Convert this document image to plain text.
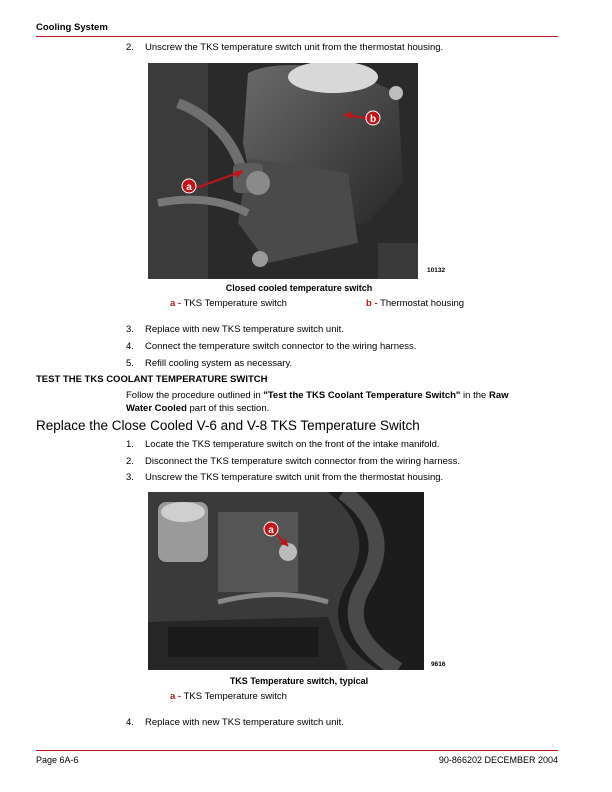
Cooling System
2. Unscrew the TKS temperature switch unit from the thermostat housing.
a
b
10132
Closed cooled temperature switch
a - TKS Temperature switch	b - Thermostat housing
3. Replace with new TKS temperature switch unit.
4. Connect the temperature switch connector to the wiring harness.
5. Refill cooling system as necessary.
TEST THE TKS COOLANT TEMPERATURE SWITCH
Follow the procedure outlined in "Test the TKS Coolant Temperature Switch" in the Raw
Water Cooled part of this section.
Replace the Close Cooled V-6 and V-8 TKS Temperature Switch
1. Locate the TKS temperature switch on the front of the intake manifold.
2. Disconnect the TKS temperature switch connector from the wiring harness.
3. Unscrew the TKS temperature switch unit from the thermostat housing.
a
9616
TKS Temperature switch, typical
a - TKS Temperature switch
4. Replace with new TKS temperature switch unit.
Page 6A-6	90-866202 DECEMBER 2004
